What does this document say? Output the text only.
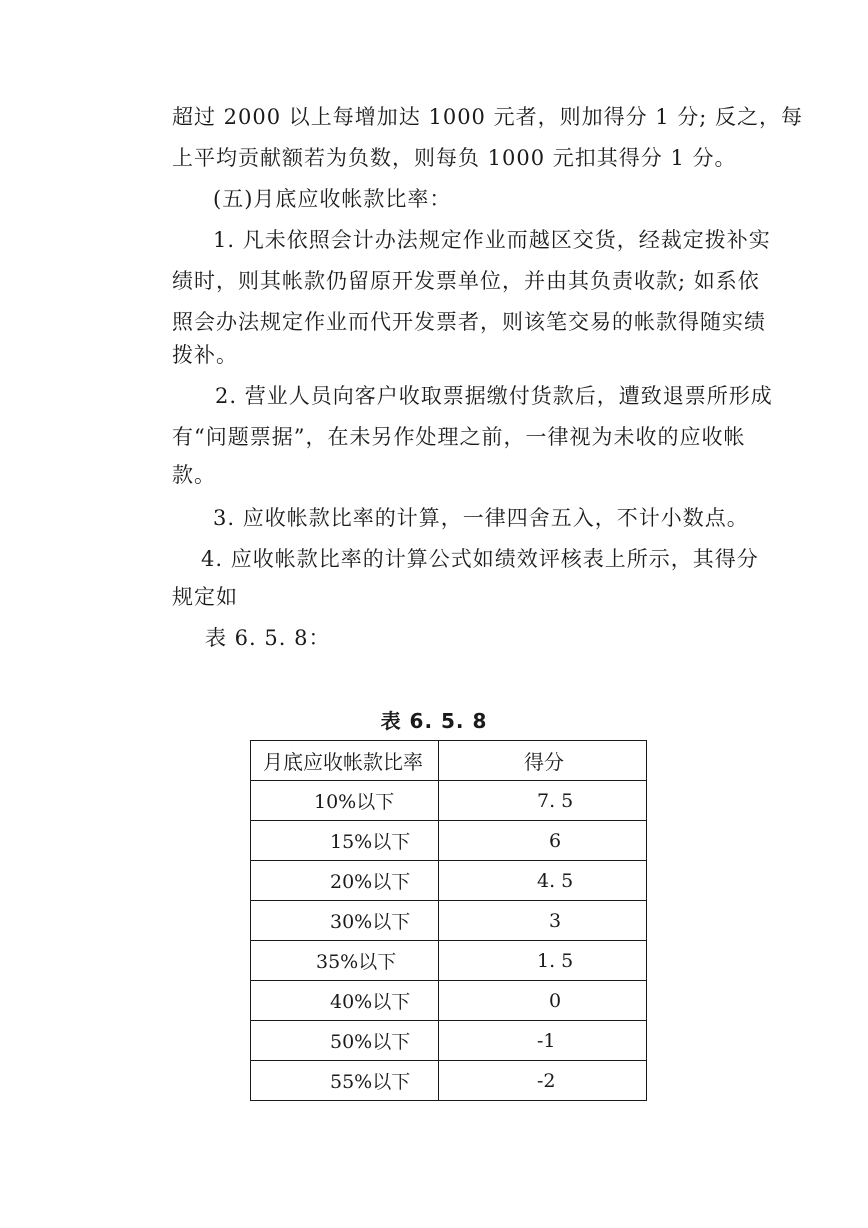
超过 2000 以上每增加达 1000 元者，则加得分 1 分; 反之，每
上平均贡献额若为负数，则每负 1000 元扣其得分 1 分。
(五)月底应收帐款比率：
1. 凡未依照会计办法规定作业而越区交货，经裁定拨补实
绩时，则其帐款仍留原开发票单位，并由其负责收款; 如系依
照会办法规定作业而代开发票者，则该笔交易的帐款得随实绩
拨补。
2. 营业人员向客户收取票据缴付货款后，遭致退票所形成
有“问题票据”，在未另作处理之前，一律视为未收的应收帐
款。
3. 应收帐款比率的计算，一律四舍五入，不计小数点。
4. 应收帐款比率的计算公式如绩效评核表上所示，其得分
规定如
表 6. 5. 8：
表 6. 5. 8
月底应收帐款比率	得分

10%以下	7. 5

15%以下	6

20%以下	4. 5

30%以下	3

35%以下	1. 5

40%以下	0

50%以下	-1

55%以下	-2
